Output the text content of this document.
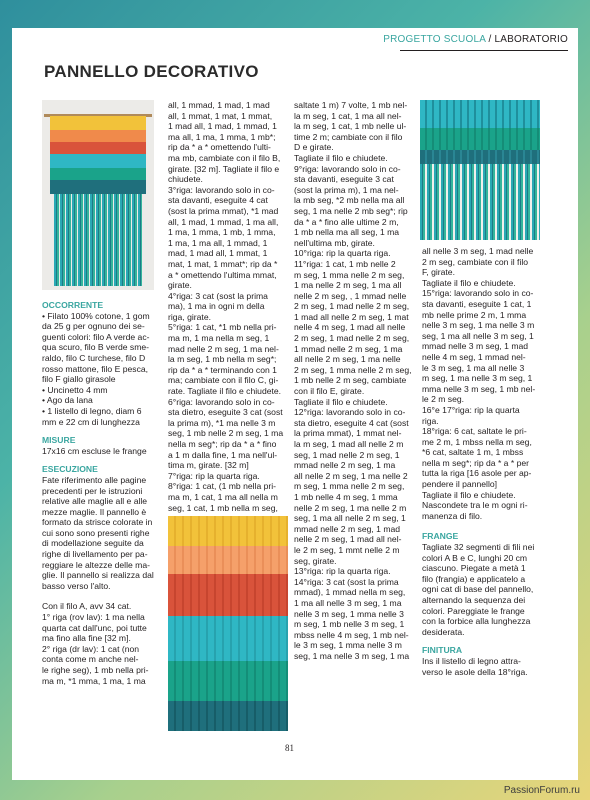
PROGETTO SCUOLA / LABORATORIO
PANNELLO DECORATIVO
OCCORRENTE

• Filato 100% cotone, 1 gom

da 25 g per ognuno dei se-

guenti colori: filo A verde ac-

qua scuro, filo B verde sme-

raldo, filo C turchese, filo D

rosso mattone, filo E pesca,

filo F giallo girasole

• Uncinetto 4 mm

• Ago da lana

• 1 listello di legno, diam 6

mm e 22 cm di lunghezza

MISURE

17x16 cm escluse le frange

ESECUZIONE

Fate riferimento alle pagine

precedenti per le istruzioni

relative alle maglie all e alle

mezze maglie. Il pannello è

formato da strisce colorate in

cui sono sono presenti righe

di modellazione seguite da

righe di livellamento per pa-

reggiare le altezze delle ma-

glie. Il pannello si realizza dal

basso verso l'alto.

Con il filo A, avv 34 cat.

1° riga (rov lav): 1 ma nella

quarta cat dall'unc, poi tutte

ma fino alla fine [32 m].

2° riga (dr lav): 1 cat (non

conta come m anche nel-

le righe seg), 1 mb nella pri-

ma m, *1 mma, 1 ma, 1 ma

all, 1 mmad, 1 mad, 1 mad

all, 1 mmat, 1 mat, 1 mmat,

1 mad all, 1 mad, 1 mmad, 1

ma all, 1 ma, 1 mma, 1 mb*;

rip da * a * omettendo l'ulti-

ma mb, cambiate con il filo B,

girate. [32 m]. Tagliate il filo e

chiudete.

3°riga: lavorando solo in co-

sta davanti, eseguite 4 cat

(sost la prima mmat), *1 mad

all, 1 mad, 1 mmad, 1 ma all,

1 ma, 1 mma, 1 mb, 1 mma,

1 ma, 1 ma all, 1 mmad, 1

mad, 1 mad all, 1 mmat, 1

mat, 1 mat, 1 mmat*; rip da *

a * omettendo l'ultima mmat,

girate.

4°riga: 3 cat (sost la prima

ma), 1 ma in ogni m della

riga, girate.

5°riga: 1 cat, *1 mb nella pri-

ma m, 1 ma nella m seg, 1

mad nelle 2 m seg, 1 ma nel-

la m seg, 1 mb nella m seg*;

rip da * a * terminando con 1

ma; cambiate con il filo C, gi-

rate. Tagliate il filo e chiudete.

6°riga: lavorando solo in co-

sta dietro, eseguite 3 cat (sost

la prima m), *1 ma nelle 3 m

seg, 1 mb nelle 2 m seg, 1 ma

nella m seg*; rip da * a * fino

a 1 m dalla fine, 1 ma nell'ul-

tima m, girate. [32 m]

7°riga: rip la quarta riga.

8°riga: 1 cat, (1 mb nella pri-

ma m, 1 cat, 1 ma all nella m

seg, 1 cat, 1 mb nella m seg,

saltate 1 m) 7 volte, 1 mb nel-

la m seg, 1 cat, 1 ma all nel-

la m seg, 1 cat, 1 mb nelle ul-

time 2 m; cambiate con il filo

D e girate.

Tagliate il filo e chiudete.

9°riga: lavorando solo in co-

sta davanti, eseguite 3 cat

(sost la prima m), 1 ma nel-

la mb seg, *2 mb nella ma all

seg, 1 ma nelle 2 mb seg*; rip

da * a * fino alle ultime 2 m,

1 mb nella ma all seg, 1 ma

nell'ultima mb, girate.

10°riga: rip la quarta riga.

11°riga: 1 cat, 1 mb nelle 2

m seg, 1 mma nelle 2 m seg,

1 ma nelle 2 m seg, 1 ma all

nelle 2 m seg, , 1 mmad nelle

2 m seg, 1 mad nelle 2 m seg,

1 mad all nelle 2 m seg, 1 mat

nelle 4 m seg, 1 mad all nelle

2 m seg, 1 mad nelle 2 m seg,

1 mmad nelle 2 m seg, 1 ma

all nelle 2 m seg, 1 ma nelle

2 m seg, 1 mma nelle 2 m seg,

1 mb nelle 2 m seg, cambiate

con il filo E, girate.

Tagliate il filo e chiudete.

12°riga: lavorando solo in co-

sta dietro, eseguite 4 cat (sost

la prima mmat), 1 mmat nel-

la m seg, 1 mad all nelle 2 m

seg, 1 mad nelle 2 m seg, 1

mmad nelle 2 m seg, 1 ma

all nelle 2 m seg, 1 ma nelle 2

m seg, 1 mma nelle 2 m seg,

1 mb nelle 4 m seg, 1 mma

nelle 2 m seg, 1 ma nelle 2 m

seg, 1 ma all nelle 2 m seg, 1

mmad nelle 2 m seg, 1 mad

nelle 2 m seg, 1 mad all nel-

le 2 m seg, 1 mmt nelle 2 m

seg, girate.

13°riga: rip la quarta riga.

14°riga: 3 cat (sost la prima

mmad), 1 mmad nella m seg,

1 ma all nelle 3 m seg, 1 ma

nelle 3 m seg, 1 mma nelle 3

m seg, 1 mb nelle 3 m seg, 1

mbss nelle 4 m seg, 1 mb nel-

le 3 m seg, 1 mma nelle 3 m

seg, 1 ma nelle 3 m seg, 1 ma

all nelle 3 m seg, 1 mad nelle

2 m seg, cambiate con il filo

F, girate.

Tagliate il filo e chiudete.

15°riga: lavorando solo in co-

sta davanti, eseguite 1 cat, 1

mb nelle prime 2 m, 1 mma

nelle 3 m seg, 1 ma nelle 3 m

seg, 1 ma all nelle 3 m seg, 1

mmad nelle 3 m seg, 1 mad

nelle 4 m seg, 1 mmad nel-

le 3 m seg, 1 ma all nelle 3

m seg, 1 ma nelle 3 m seg, 1

mma nelle 3 m seg, 1 mb nel-

le 2 m seg.

16°e 17°riga: rip la quarta

riga.

18°riga: 6 cat, saltate le pri-

me 2 m, 1 mbss nella m seg,

*6 cat, saltate 1 m, 1 mbss

nella m seg*; rip da * a * per

tutta la riga [16 asole per ap-

pendere il pannello]

Tagliate il filo e chiudete.

Nascondete tra le m ogni ri-

manenza di filo.

FRANGE

Tagliate 32 segmenti di fili nei

colori A B e C, lunghi 20 cm

ciascuno. Piegate a metà 1

filo (frangia) e applicatelo a

ogni cat di base del pannello,

alternando la sequenza dei

colori. Pareggiate le frange

con la forbice alla lunghezza

desiderata.

FINITURA

Ins il listello di legno attra-

verso le asole della 18°riga.

81
PassionForum.ru
